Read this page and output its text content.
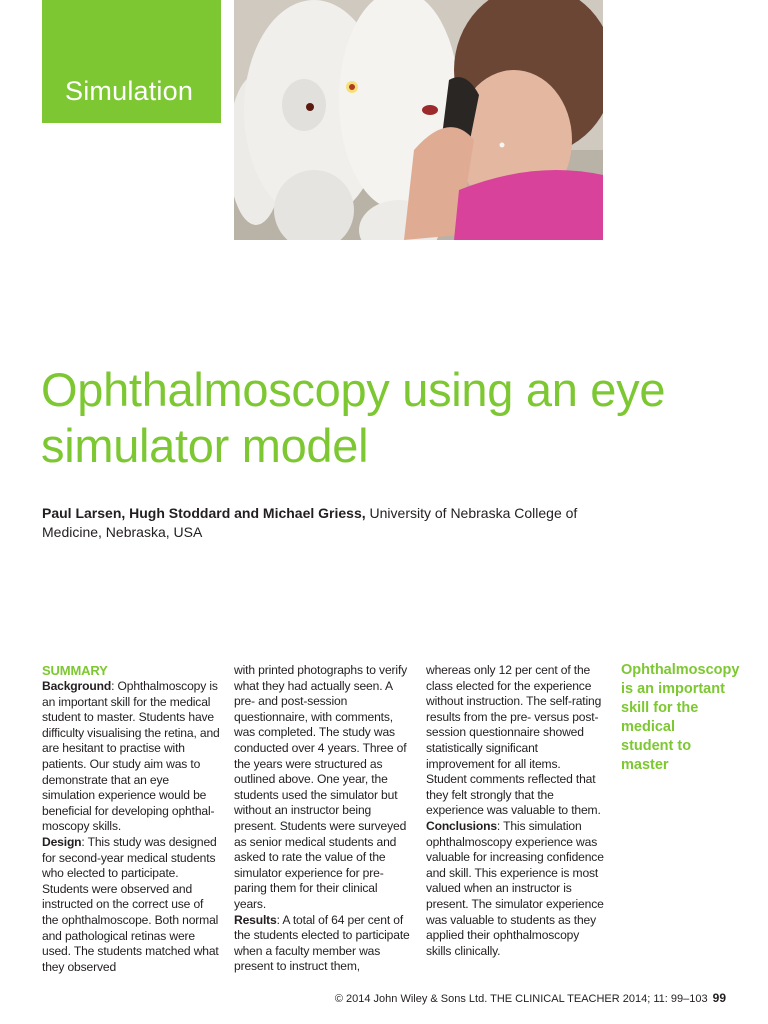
Simulation
Ophthalmoscopy using an eye simulator model
Paul Larsen, Hugh Stoddard and Michael Griess, University of Nebraska College of Medicine, Nebraska, USA

SUMMARY

Background: Ophthalmoscopy is an important skill for the medical student to master. Students have difficulty visualising the retina, and are hesitant to practise with patients. Our study aim was to demonstrate that an eye simulation experience would be beneficial for developing ophthalmoscopy skills.

Design: This study was designed for second-year medical students who elected to participate. Students were observed and instructed on the correct use of the ophthalmoscope. Both normal and pathological retinas were used. The students matched what they observed

with printed photographs to verify what they had actually seen. A pre- and post-session questionnaire, with comments, was completed. The study was conducted over 4 years. Three of the years were structured as outlined above. One year, the students used the simulator but without an instructor being present. Students were surveyed as senior medical students and asked to rate the value of the simulator experience for preparing them for their clinical years.

Results: A total of 64 per cent of the students elected to participate when a faculty member was present to instruct them,

whereas only 12 per cent of the class elected for the experience without instruction. The self-rating results from the pre- versus post-session questionnaire showed statistically significant improvement for all items. Student comments reflected that they felt strongly that the experience was valuable to them.

Conclusions: This simulation ophthalmoscopy experience was valuable for increasing confidence and skill. This experience is most valued when an instructor is present. The simulator experience was valuable to students as they applied their ophthalmoscopy skills clinically.

Ophthalmoscopy is an important skill for the medical student to master
© 2014 John Wiley & Sons Ltd. THE CLINICAL TEACHER 2014; 11: 99–103 99
